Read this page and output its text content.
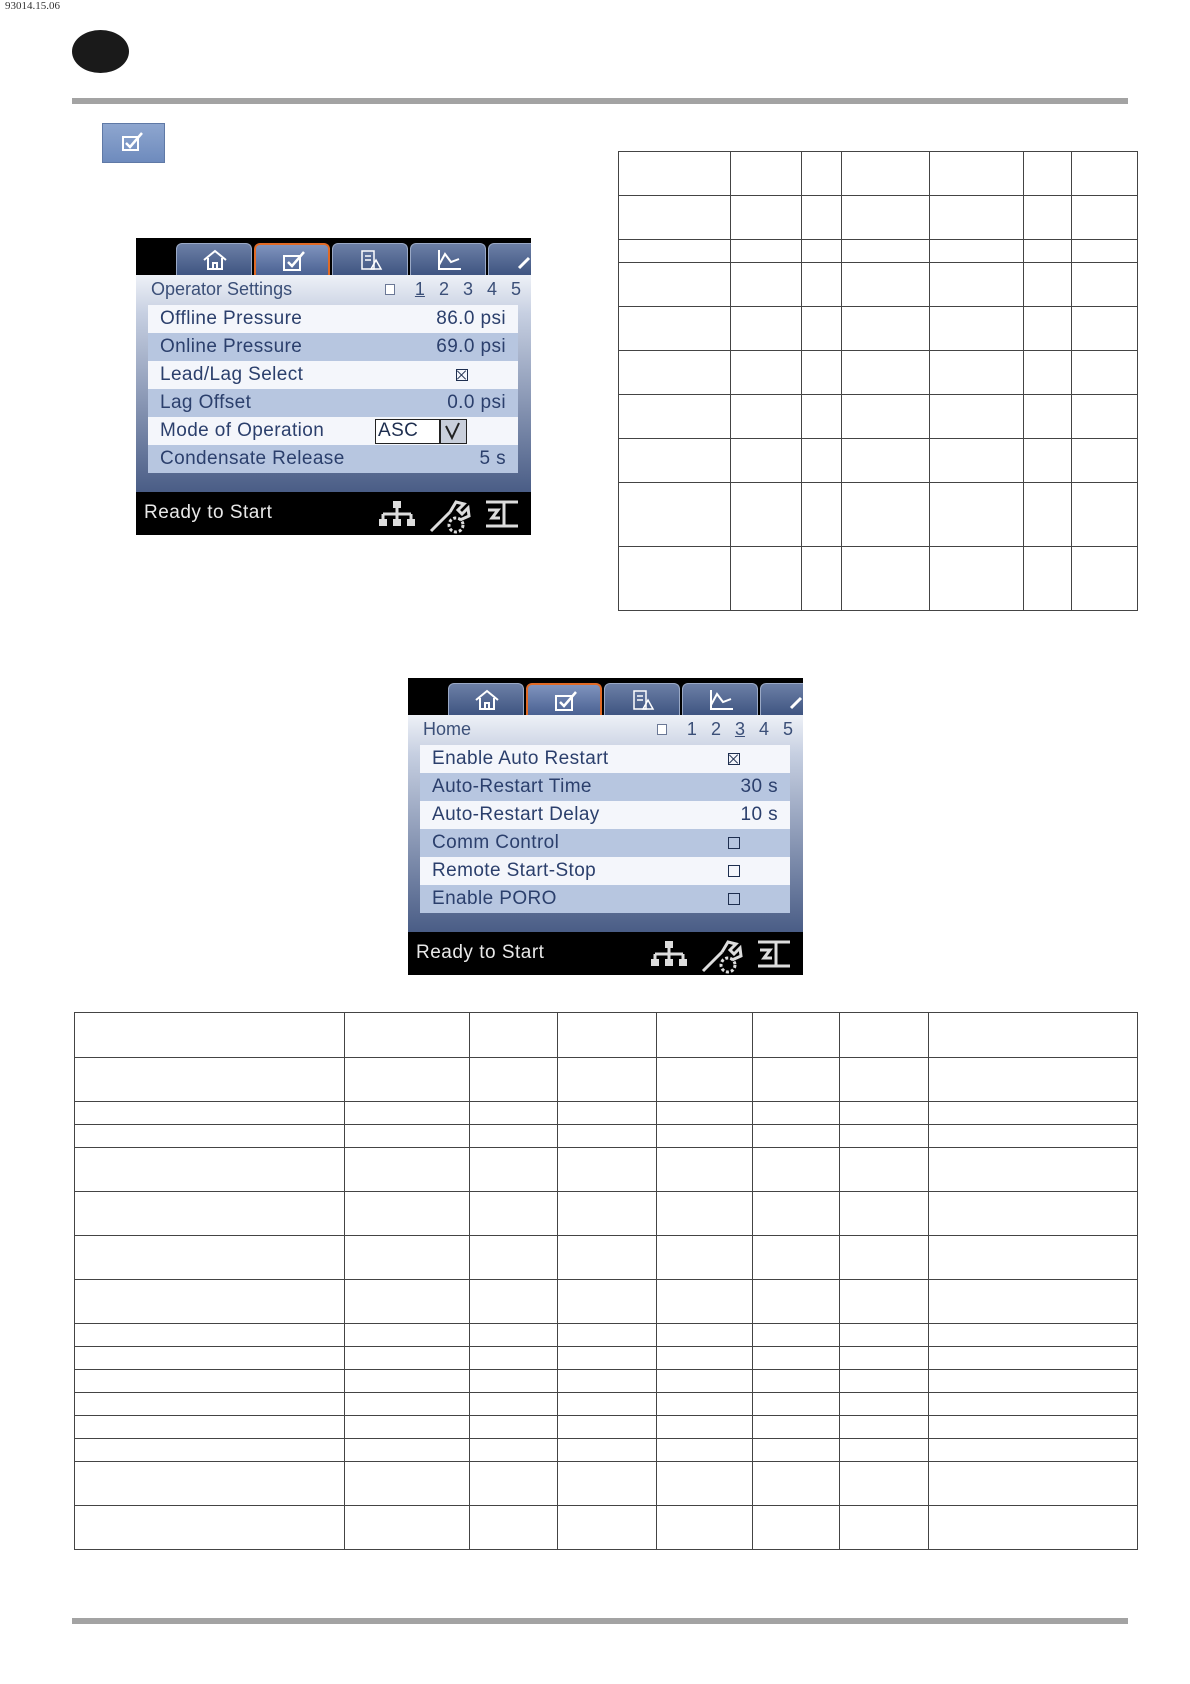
93014.15.06
Operator Settings	1 2 3 4 5
Offline Pressure	86.0 psi
Online Pressure	69.0 psi
Lead/Lag Select
Lag Offset	0.0 psi
Mode of Operation	ASC
Condensate Release	5 s
Ready to Start

Home	1 2 3 4 5
Enable Auto Restart
Auto-Restart Time	30 s
Auto-Restart Delay	10 s
Comm Control
Remote Start-Stop
Enable PORO
Ready to Start
